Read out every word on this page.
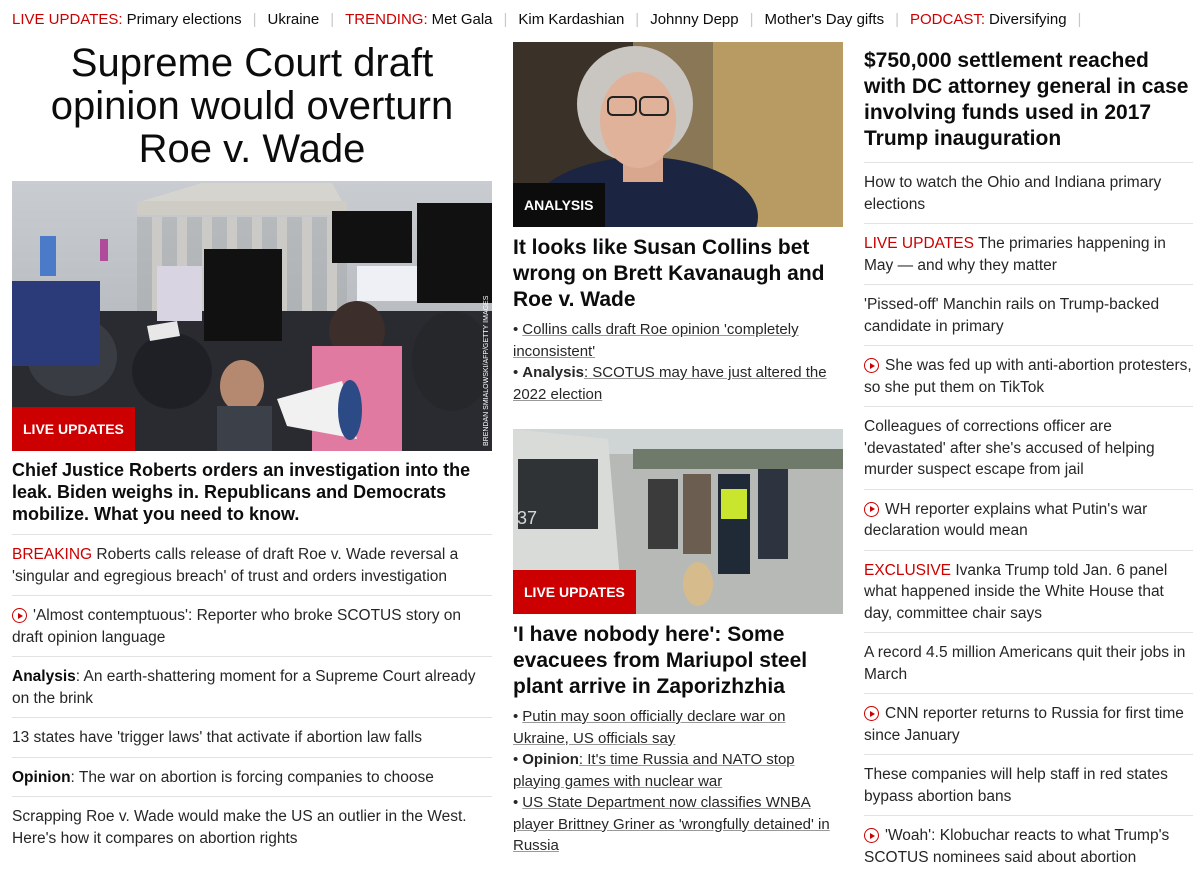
LIVE UPDATES: Primary elections | Ukraine | TRENDING: Met Gala | Kim Kardashian | Johnny Depp | Mother's Day gifts | PODCAST: Diversifying |
Supreme Court draft opinion would overturn Roe v. Wade
BRENDAN SMIALOWSKI/AFP/GETTY IMAGES
LIVE UPDATES
Chief Justice Roberts orders an investigation into the leak. Biden weighs in. Republicans and Democrats mobilize. What you need to know.
BREAKING Roberts calls release of draft Roe v. Wade reversal a 'singular and egregious breach' of trust and orders investigation
'Almost contemptuous': Reporter who broke SCOTUS story on draft opinion language
Analysis: An earth-shattering moment for a Supreme Court already on the brink
13 states have 'trigger laws' that activate if abortion law falls
Opinion: The war on abortion is forcing companies to choose
Scrapping Roe v. Wade would make the US an outlier in the West. Here's how it compares on abortion rights
ANALYSIS
It looks like Susan Collins bet wrong on Brett Kavanaugh and Roe v. Wade
• Collins calls draft Roe opinion 'completely inconsistent'
• Analysis: SCOTUS may have just altered the 2022 election
37
LIVE UPDATES
'I have nobody here': Some evacuees from Mariupol steel plant arrive in Zaporizhzhia
• Putin may soon officially declare war on Ukraine, US officials say
• Opinion: It's time Russia and NATO stop playing games with nuclear war
• US State Department now classifies WNBA player Brittney Griner as 'wrongfully detained' in Russia
$750,000 settlement reached with DC attorney general in case involving funds used in 2017 Trump inauguration
How to watch the Ohio and Indiana primary elections
LIVE UPDATES The primaries happening in May — and why they matter
'Pissed-off' Manchin rails on Trump-backed candidate in primary
She was fed up with anti-abortion protesters, so she put them on TikTok
Colleagues of corrections officer are 'devastated' after she's accused of helping murder suspect escape from jail
WH reporter explains what Putin's war declaration would mean
EXCLUSIVE Ivanka Trump told Jan. 6 panel what happened inside the White House that day, committee chair says
A record 4.5 million Americans quit their jobs in March
CNN reporter returns to Russia for first time since January
These companies will help staff in red states bypass abortion bans
'Woah': Klobuchar reacts to what Trump's SCOTUS nominees said about abortion
